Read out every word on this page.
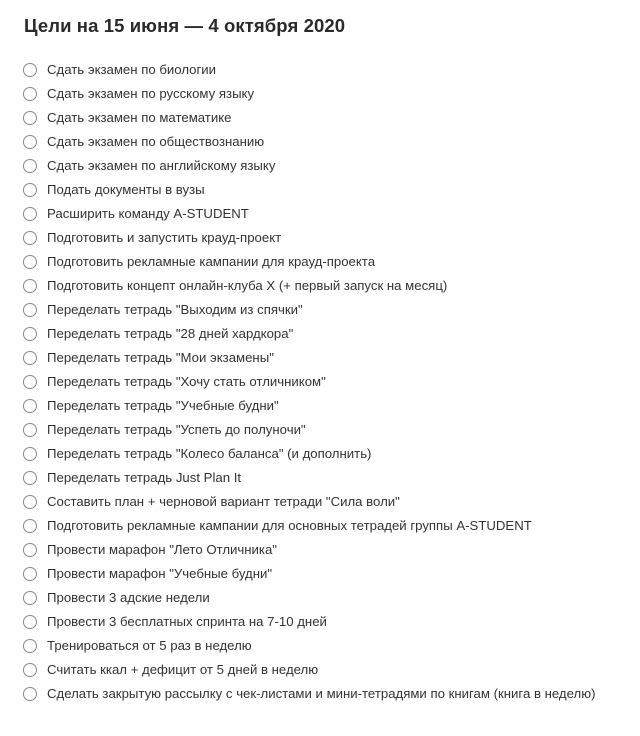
Цели на 15 июня — 4 октября 2020
Сдать экзамен по биологии
Сдать экзамен по русскому языку
Сдать экзамен по математике
Сдать экзамен по обществознанию
Сдать экзамен по английскому языку
Подать документы в вузы
Расширить команду A-STUDENT
Подготовить и запустить крауд-проект
Подготовить рекламные кампании для крауд-проекта
Подготовить концепт онлайн-клуба X (+ первый запуск на месяц)
Переделать тетрадь "Выходим из спячки"
Переделать тетрадь "28 дней хардкора"
Переделать тетрадь "Мои экзамены"
Переделать тетрадь "Хочу стать отличником"
Переделать тетрадь "Учебные будни"
Переделать тетрадь "Успеть до полуночи"
Переделать тетрадь "Колесо баланса" (и дополнить)
Переделать тетрадь Just Plan It
Составить план + черновой вариант тетради "Сила воли"
Подготовить рекламные кампании для основных тетрадей группы A-STUDENT
Провести марафон "Лето Отличника"
Провести марафон "Учебные будни"
Провести 3 адские недели
Провести 3 бесплатных спринта на 7-10 дней
Тренироваться от 5 раз в неделю
Считать ккал + дефицит от 5 дней в неделю
Сделать закрытую рассылку с чек-листами и мини-тетрадями по книгам (книга в неделю)
